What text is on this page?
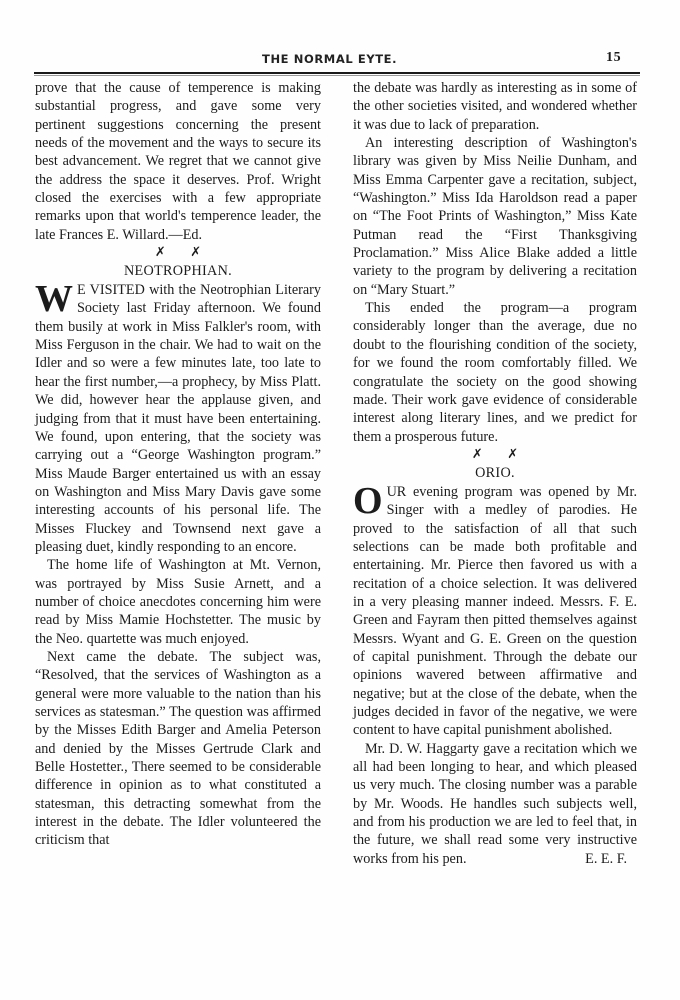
THE NORMAL EYTE.	15

prove that the cause of temperence is making substantial progress, and gave some very pertinent suggestions concerning the present needs of the movement and the ways to secure its best advancement. We regret that we cannot give the address the space it deserves. Prof. Wright closed the exercises with a few appropriate remarks upon that world's temperence leader, the late Frances E. Willard.—Ed.

✗ ✗
NEOTROPHIAN.

W E VISITED with the Neotrophian Literary Society last Friday afternoon. We found them busily at work in Miss Falkler's room, with Miss Ferguson in the chair. We had to wait on the Idler and so were a few minutes late, too late to hear the first number,—a prophecy, by Miss Platt. We did, however hear the applause given, and judging from that it must have been entertaining. We found, upon entering, that the society was carrying out a “George Washington program.” Miss Maude Barger entertained us with an essay on Washington and Miss Mary Davis gave some interesting accounts of his personal life. The Misses Fluckey and Townsend next gave a pleasing duet, kindly responding to an encore.

The home life of Washington at Mt. Vernon, was portrayed by Miss Susie Arnett, and a number of choice anecdotes concerning him were read by Miss Mamie Hochstetter. The music by the Neo. quartette was much enjoyed.

Next came the debate. The subject was, “Resolved, that the services of Washington as a general were more valuable to the nation than his services as statesman.” The question was affirmed by the Misses Edith Barger and Amelia Peterson and denied by the Misses Gertrude Clark and Belle Hostetter., There seemed to be considerable difference in opinion as to what constituted a statesman, this detracting somewhat from the interest in the debate. The Idler volunteered the criticism that

the debate was hardly as interesting as in some of the other societies visited, and wondered whether it was due to lack of preparation.

An interesting description of Washington's library was given by Miss Neilie Dunham, and Miss Emma Carpenter gave a recitation, subject, “Washington.” Miss Ida Haroldson read a paper on “The Foot Prints of Washington,” Miss Kate Putman read the “First Thanksgiving Proclamation.” Miss Alice Blake added a little variety to the program by delivering a recitation on “Mary Stuart.”

This ended the program—a program considerably longer than the average, due no doubt to the flourishing condition of the society, for we found the room comfortably filled. We congratulate the society on the good showing made. Their work gave evidence of considerable interest along literary lines, and we predict for them a prosperous future.

✗ ✗
ORIO.

OUR evening program was opened by Mr. Singer with a medley of parodies. He proved to the satisfaction of all that such selections can be made both profitable and entertaining. Mr. Pierce then favored us with a recitation of a choice selection. It was delivered in a very pleasing manner indeed. Messrs. F. E. Green and Fayram then pitted themselves against Messrs. Wyant and G. E. Green on the question of capital punishment. Through the debate our opinions wavered between affirmative and negative; but at the close of the debate, when the judges decided in favor of the negative, we were content to have capital punishment abolished.

Mr. D. W. Haggarty gave a recitation which we all had been longing to hear, and which pleased us very much. The closing number was a parable by Mr. Woods. He handles such subjects well, and from his production we are led to feel that, in the future, we shall read some very instructive works from his pen.	E. E. F.
